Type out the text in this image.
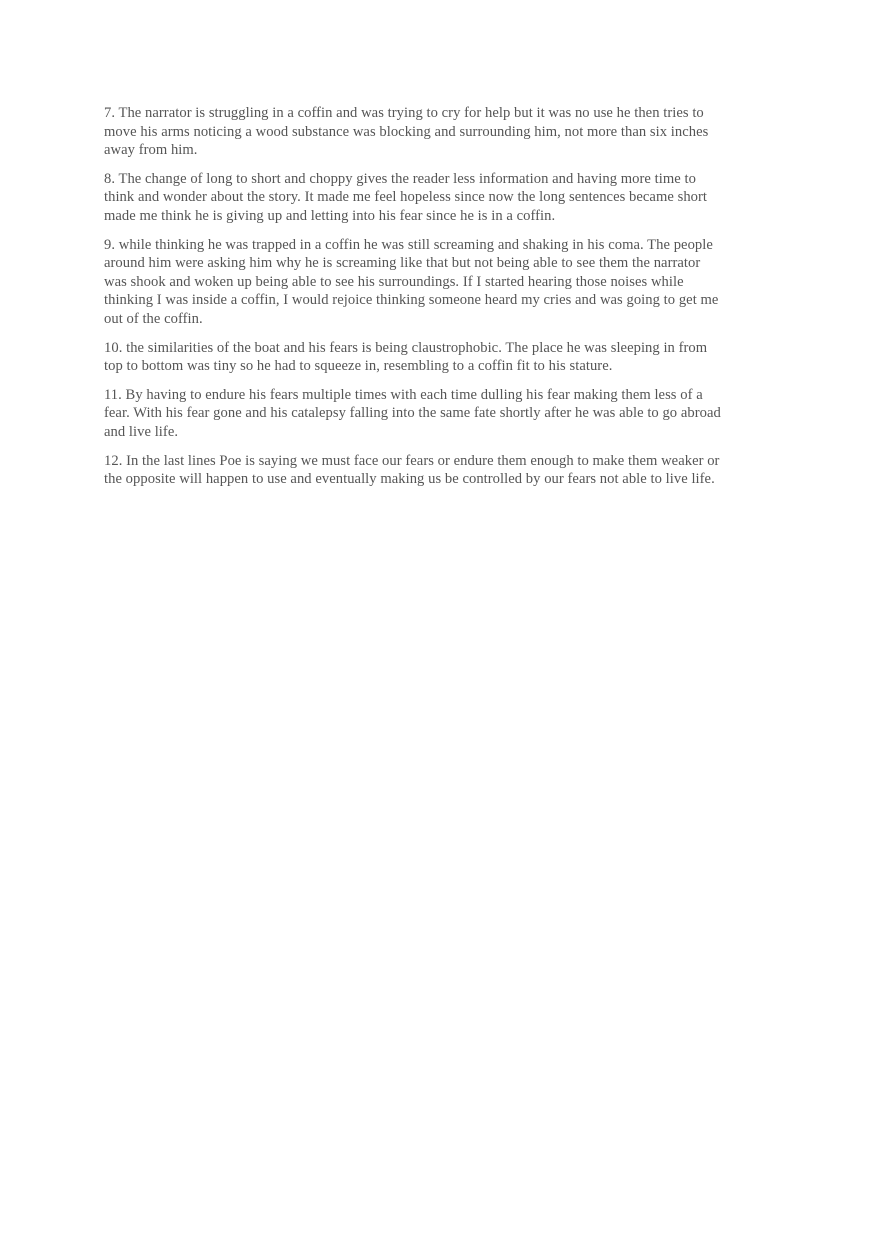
7. The narrator is struggling in a coffin and was trying to cry for help but it was no use he then tries to move his arms noticing a wood substance was blocking and surrounding him, not more than six inches away from him.

8. The change of long to short and choppy gives the reader less information and having more time to think and wonder about the story. It made me feel hopeless since now the long sentences became short made me think he is giving up and letting into his fear since he is in a coffin.

9. while thinking he was trapped in a coffin he was still screaming and shaking in his coma. The people around him were asking him why he is screaming like that but not being able to see them the narrator was shook and woken up being able to see his surroundings. If I started hearing those noises while thinking I was inside a coffin, I would rejoice thinking someone heard my cries and was going to get me out of the coffin.

10. the similarities of the boat and his fears is being claustrophobic. The place he was sleeping in from top to bottom was tiny so he had to squeeze in, resembling to a coffin fit to his stature.

11. By having to endure his fears multiple times with each time dulling his fear making them less of a fear. With his fear gone and his catalepsy falling into the same fate shortly after he was able to go abroad and live life.

12. In the last lines Poe is saying we must face our fears or endure them enough to make them weaker or the opposite will happen to use and eventually making us be controlled by our fears not able to live life.
